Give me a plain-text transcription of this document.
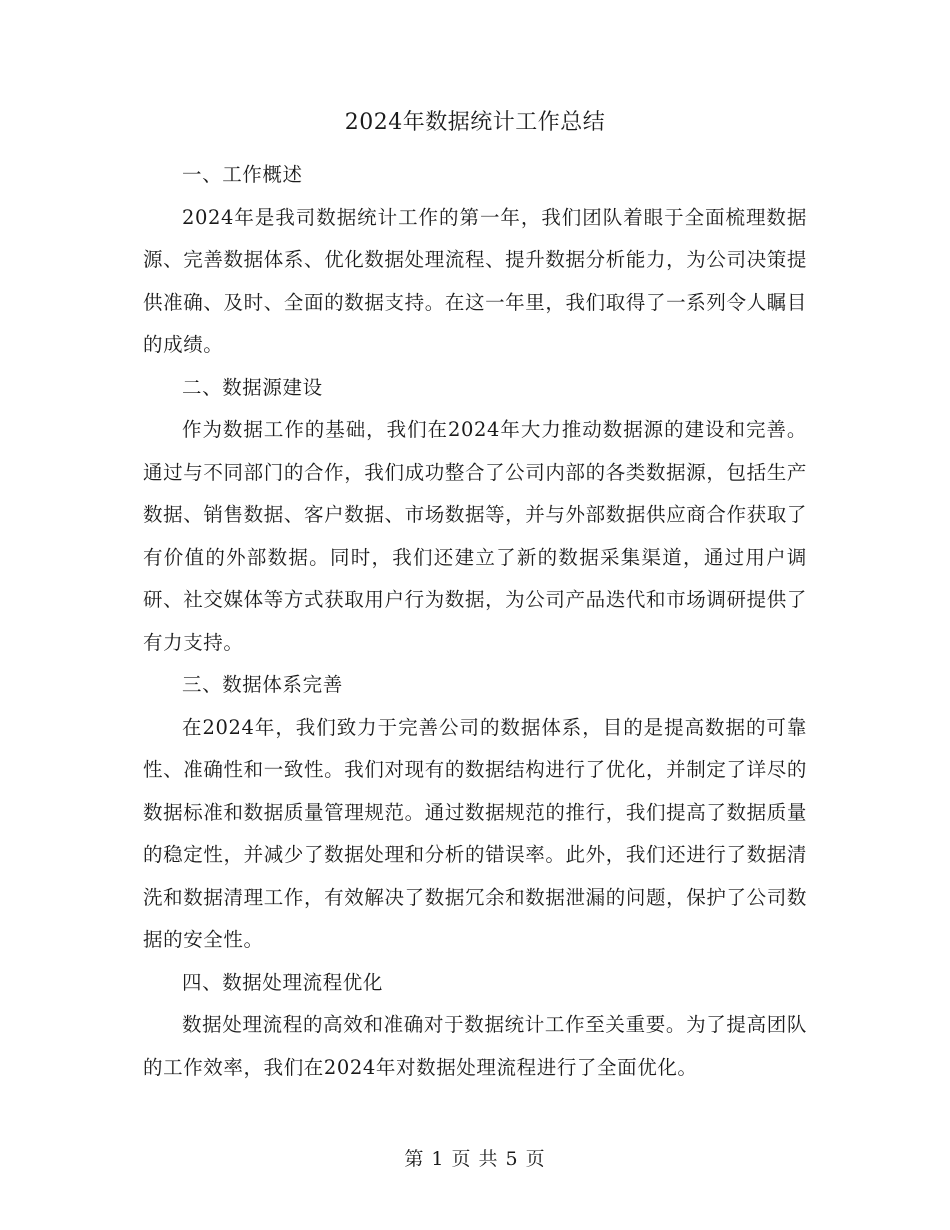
2024年数据统计工作总结

一、工作概述

2024年是我司数据统计工作的第一年，我们团队着眼于全面梳理数据源、完善数据体系、优化数据处理流程、提升数据分析能力，为公司决策提供准确、及时、全面的数据支持。在这一年里，我们取得了一系列令人瞩目的成绩。

二、数据源建设

作为数据工作的基础，我们在2024年大力推动数据源的建设和完善。通过与不同部门的合作，我们成功整合了公司内部的各类数据源，包括生产数据、销售数据、客户数据、市场数据等，并与外部数据供应商合作获取了有价值的外部数据。同时，我们还建立了新的数据采集渠道，通过用户调研、社交媒体等方式获取用户行为数据，为公司产品迭代和市场调研提供了有力支持。

三、数据体系完善

在2024年，我们致力于完善公司的数据体系，目的是提高数据的可靠性、准确性和一致性。我们对现有的数据结构进行了优化，并制定了详尽的数据标准和数据质量管理规范。通过数据规范的推行，我们提高了数据质量的稳定性，并减少了数据处理和分析的错误率。此外，我们还进行了数据清洗和数据清理工作，有效解决了数据冗余和数据泄漏的问题，保护了公司数据的安全性。

四、数据处理流程优化

数据处理流程的高效和准确对于数据统计工作至关重要。为了提高团队的工作效率，我们在2024年对数据处理流程进行了全面优化。

第 1 页 共 5 页
